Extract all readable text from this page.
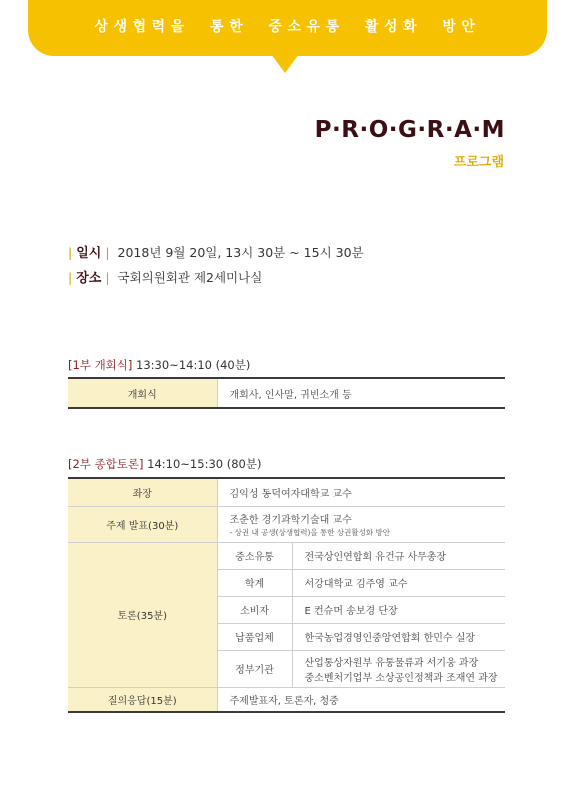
상생협력을 통한 중소유통 활성화 방안
P·R·O·G·R·A·M
프로그램
| 일시 | 2018년 9월 20일, 13시 30분 ~ 15시 30분
| 장소 | 국회의원회관 제2세미나실
[1부 개회식] 13:30~14:10 (40분)
개회식	개회사, 인사말, 귀빈소개 등
[2부 종합토론] 14:10~15:30 (80분)
좌장	김익성 동덕여자대학교 교수	
주제 발표(30분)	조춘한 경기과학기술대 교수
- 상권 내 공생(상생협력)을 통한 상권활성화 방안	

토론(35분)	중소유통	전국상인연합회 유건규 사무총장
	학계	서강대학교 김주영 교수
	소비자	E 컨슈머 송보경 단장
	납품업체	한국농업경영인중앙연합회 한민수 실장
	정부기관	산업통상자원부 유통물류과 서기웅 과장
중소벤처기업부 소상공인정책과 조재연 과장

질의응답(15분)	주제발표자, 토론자, 청중	
